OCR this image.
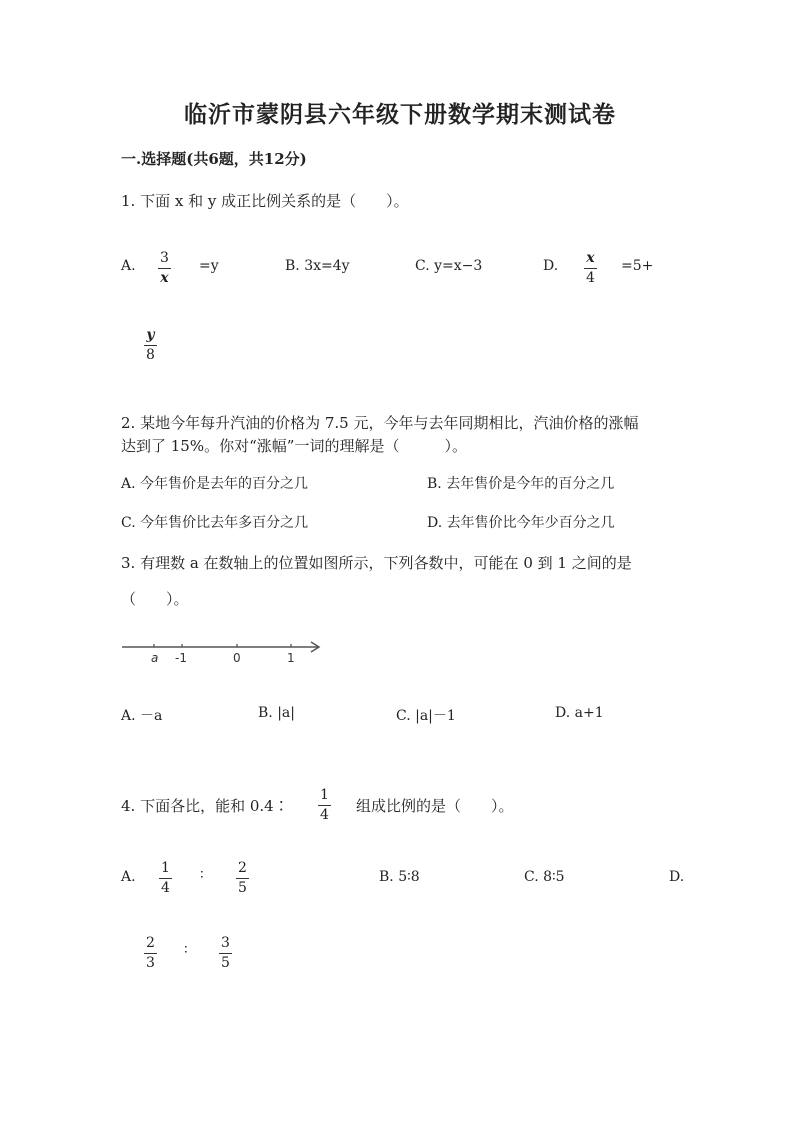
临沂市蒙阴县六年级下册数学期末测试卷
一.选择题(共6题，共12分)
1. 下面 x 和 y 成正比例关系的是（　　）。
A. 3
x
=y	B. 3x=4y	C. y=x−3	D. x
4
=5+
y
8
2. 某地今年每升汽油的价格为 7.5 元，今年与去年同期相比，汽油价格的涨幅
达到了 15%。你对“涨幅”一词的理解是（　　　）。
A. 今年售价是去年的百分之几	B. 去年售价是今年的百分之几
C. 今年售价比去年多百分之几	D. 去年售价比今年少百分之几
3. 有理数 a 在数轴上的位置如图所示，下列各数中，可能在 0 到 1 之间的是
（　　）。
a -1	0	1
A. －a	B. |a|	C. |a|－1	D. a+1
4. 下面各比，能和 0.4∶
1
4 组成比例的是（　　）。
A.
1
4
∶ 2
5
B. 5∶8	C. 8∶5	D.
2
3
∶ 3
5
